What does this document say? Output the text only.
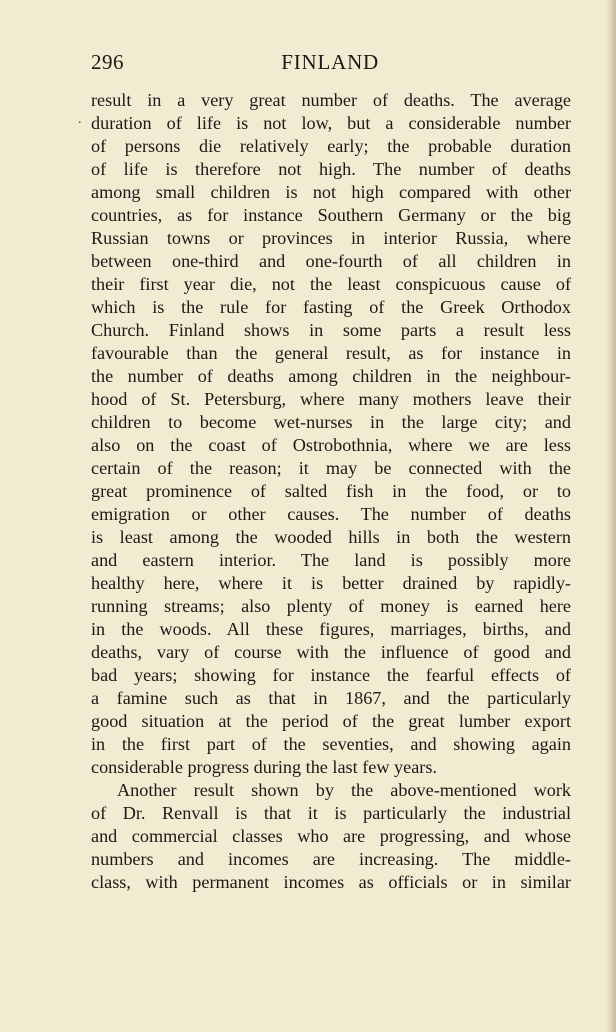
296	FINLAND
.
result in a very great number of deaths. The average
duration of life is not low, but a considerable number
of persons die relatively early; the probable duration
of life is therefore not high. The number of deaths
among small children is not high compared with other
countries, as for instance Southern Germany or the big
Russian towns or provinces in interior Russia, where
between one-third and one-fourth of all children in
their first year die, not the least conspicuous cause of
which is the rule for fasting of the Greek Orthodox
Church. Finland shows in some parts a result less
favourable than the general result, as for instance in
the number of deaths among children in the neighbour-
hood of St. Petersburg, where many mothers leave their
children to become wet-nurses in the large city; and
also on the coast of Ostrobothnia, where we are less
certain of the reason; it may be connected with the
great prominence of salted fish in the food, or to
emigration or other causes. The number of deaths
is least among the wooded hills in both the western
and eastern interior. The land is possibly more
healthy here, where it is better drained by rapidly-
running streams; also plenty of money is earned here
in the woods. All these figures, marriages, births, and
deaths, vary of course with the influence of good and
bad years; showing for instance the fearful effects of
a famine such as that in 1867, and the particularly
good situation at the period of the great lumber export
in the first part of the seventies, and showing again
considerable progress during the last few years.
Another result shown by the above-mentioned work
of Dr. Renvall is that it is particularly the industrial
and commercial classes who are progressing, and whose
numbers and incomes are increasing. The middle-
class, with permanent incomes as officials or in similar
